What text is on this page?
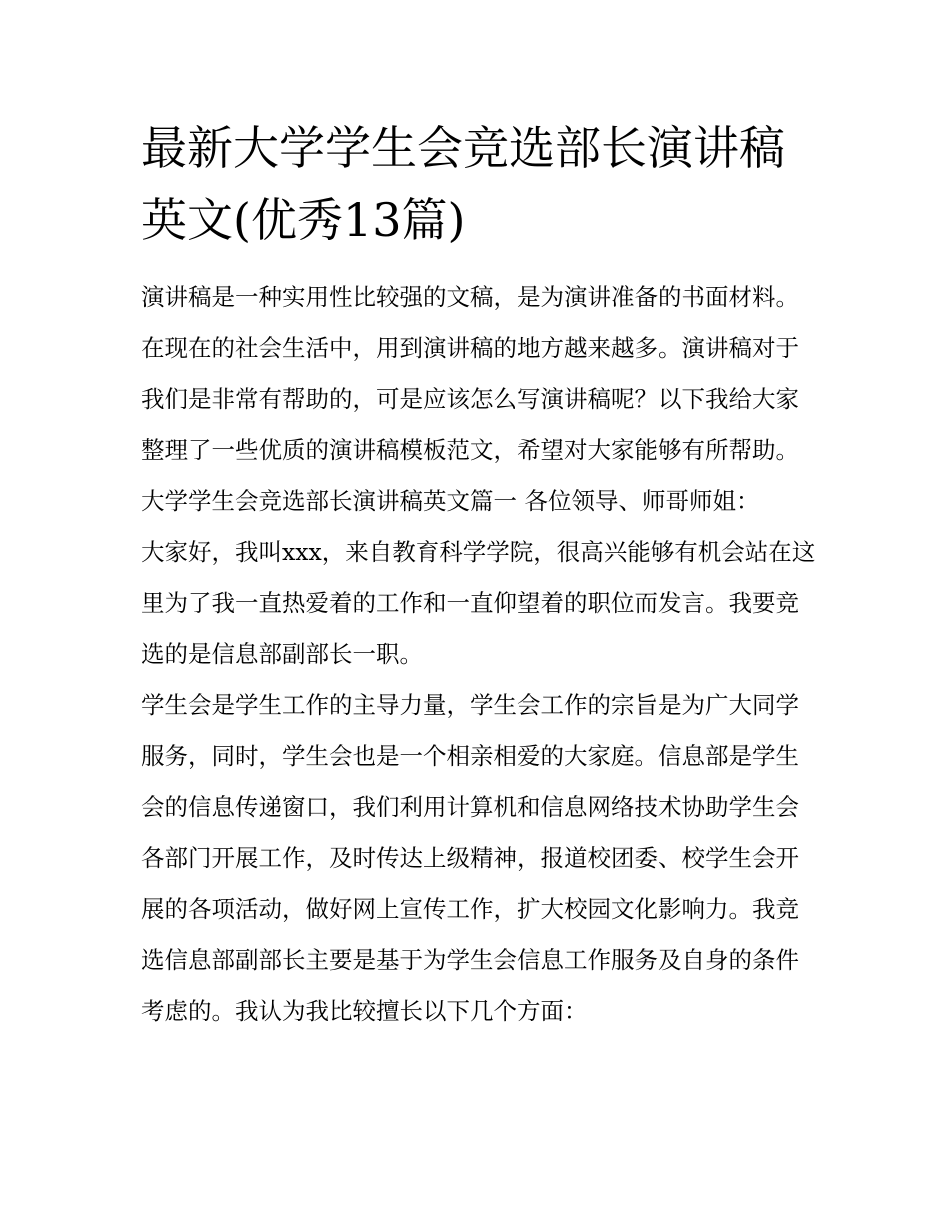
最新大学学生会竞选部长演讲稿英文(优秀13篇)

演讲稿是一种实用性比较强的文稿，是为演讲准备的书面材料。在现在的社会生活中，用到演讲稿的地方越来越多。演讲稿对于我们是非常有帮助的，可是应该怎么写演讲稿呢？以下我给大家整理了一些优质的演讲稿模板范文，希望对大家能够有所帮助。

大学学生会竞选部长演讲稿英文篇一 各位领导、师哥师姐：

大家好，我叫xxx，来自教育科学学院，很高兴能够有机会站在这里为了我一直热爱着的工作和一直仰望着的职位而发言。我要竞选的是信息部副部长一职。

学生会是学生工作的主导力量，学生会工作的宗旨是为广大同学服务，同时，学生会也是一个相亲相爱的大家庭。信息部是学生会的信息传递窗口，我们利用计算机和信息网络技术协助学生会各部门开展工作，及时传达上级精神，报道校团委、校学生会开展的各项活动，做好网上宣传工作，扩大校园文化影响力。我竞选信息部副部长主要是基于为学生会信息工作服务及自身的条件考虑的。我认为我比较擅长以下几个方面：
